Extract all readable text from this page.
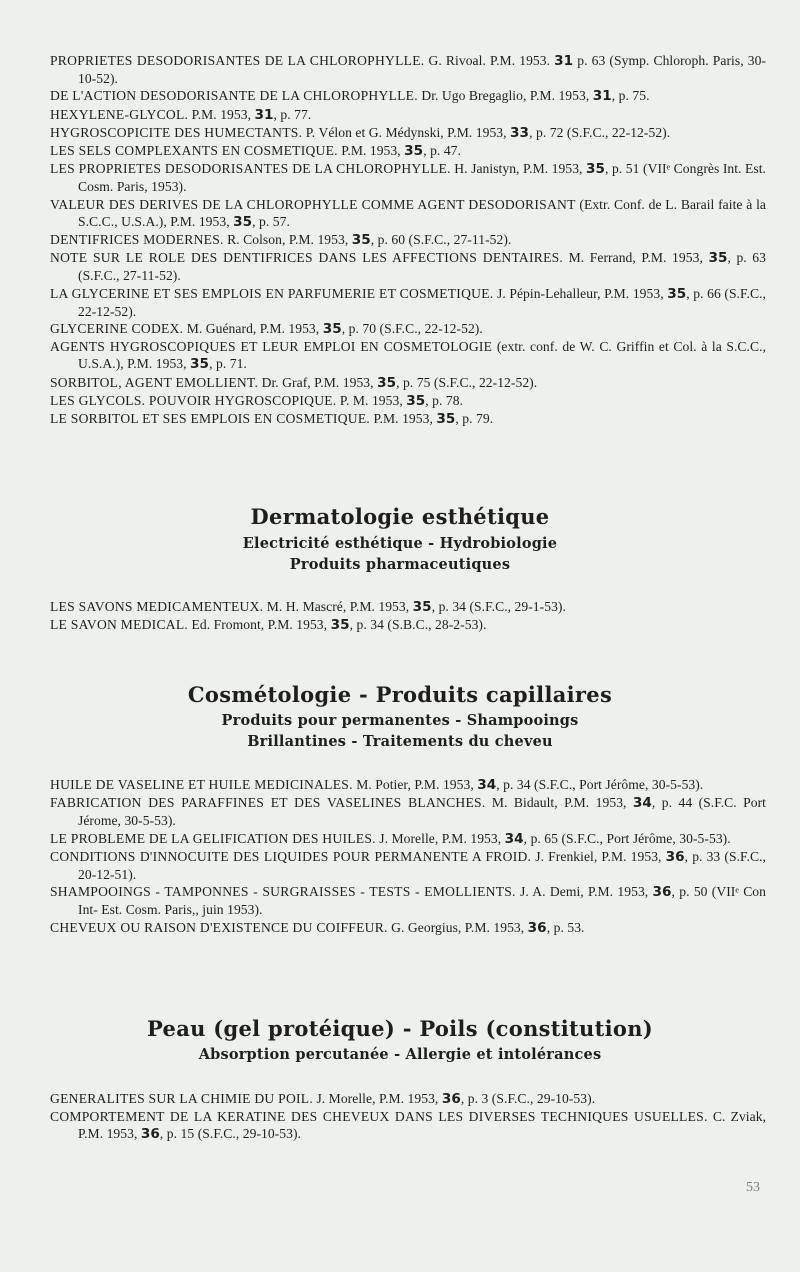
PROPRIETES DESODORISANTES DE LA CHLOROPHYLLE. G. Rivoal. P.M. 1953. 31 p. 63 (Symp. Chloroph. Paris, 30-10-52).

DE L'ACTION DESODORISANTE DE LA CHLOROPHYLLE. Dr. Ugo Bregaglio, P.M. 1953, 31, p. 75.

HEXYLENE-GLYCOL. P.M. 1953, 31, p. 77.

HYGROSCOPICITE DES HUMECTANTS. P. Vélon et G. Médynski, P.M. 1953, 33, p. 72 (S.F.C., 22-12-52).

LES SELS COMPLEXANTS EN COSMETIQUE. P.M. 1953, 35, p. 47.

LES PROPRIETES DESODORISANTES DE LA CHLOROPHYLLE. H. Janistyn, P.M. 1953, 35, p. 51 (VIIᵉ Congrès Int. Est. Cosm. Paris, 1953).

VALEUR DES DERIVES DE LA CHLOROPHYLLE COMME AGENT DESODORISANT (Extr. Conf. de L. Barail faite à la S.C.C., U.S.A.), P.M. 1953, 35, p. 57.

DENTIFRICES MODERNES. R. Colson, P.M. 1953, 35, p. 60 (S.F.C., 27-11-52).

NOTE SUR LE ROLE DES DENTIFRICES DANS LES AFFECTIONS DENTAIRES. M. Ferrand, P.M. 1953, 35, p. 63 (S.F.C., 27-11-52).

LA GLYCERINE ET SES EMPLOIS EN PARFUMERIE ET COSMETIQUE. J. Pépin-Lehalleur, P.M. 1953, 35, p. 66 (S.F.C., 22-12-52).

GLYCERINE CODEX. M. Guénard, P.M. 1953, 35, p. 70 (S.F.C., 22-12-52).

AGENTS HYGROSCOPIQUES ET LEUR EMPLOI EN COSMETOLOGIE (extr. conf. de W. C. Griffin et Col. à la S.C.C., U.S.A.), P.M. 1953, 35, p. 71.

SORBITOL, AGENT EMOLLIENT. Dr. Graf, P.M. 1953, 35, p. 75 (S.F.C., 22-12-52).

LES GLYCOLS. POUVOIR HYGROSCOPIQUE. P. M. 1953, 35, p. 78.

LE SORBITOL ET SES EMPLOIS EN COSMETIQUE. P.M. 1953, 35, p. 79.

Dermatologie esthétique
Electricité esthétique - Hydrobiologie
Produits pharmaceutiques

LES SAVONS MEDICAMENTEUX. M. H. Mascré, P.M. 1953, 35, p. 34 (S.F.C., 29-1-53).

LE SAVON MEDICAL. Ed. Fromont, P.M. 1953, 35, p. 34 (S.B.C., 28-2-53).

Cosmétologie - Produits capillaires
Produits pour permanentes - Shampooings
Brillantines - Traitements du cheveu

HUILE DE VASELINE ET HUILE MEDICINALES. M. Potier, P.M. 1953, 34, p. 34 (S.F.C., Port Jérôme, 30-5-53).

FABRICATION DES PARAFFINES ET DES VASELINES BLANCHES. M. Bidault, P.M. 1953, 34, p. 44 (S.F.C. Port Jérome, 30-5-53).

LE PROBLEME DE LA GELIFICATION DES HUILES. J. Morelle, P.M. 1953, 34, p. 65 (S.F.C., Port Jérôme, 30-5-53).

CONDITIONS D'INNOCUITE DES LIQUIDES POUR PERMANENTE A FROID. J. Frenkiel, P.M. 1953, 36, p. 33 (S.F.C., 20-12-51).

SHAMPOOINGS - TAMPONNES - SURGRAISSES - TESTS - EMOLLIENTS. J. A. Demi, P.M. 1953, 36, p. 50 (VIIᵉ Con Int- Est. Cosm. Paris,, juin 1953).

CHEVEUX OU RAISON D'EXISTENCE DU COIFFEUR. G. Georgius, P.M. 1953, 36, p. 53.

Peau (gel protéique) - Poils (constitution)
Absorption percutanée - Allergie et intolérances

GENERALITES SUR LA CHIMIE DU POIL. J. Morelle, P.M. 1953, 36, p. 3 (S.F.C., 29-10-53).

COMPORTEMENT DE LA KERATINE DES CHEVEUX DANS LES DIVERSES TECHNIQUES USUELLES. C. Zviak, P.M. 1953, 36, p. 15 (S.F.C., 29-10-53).

53
